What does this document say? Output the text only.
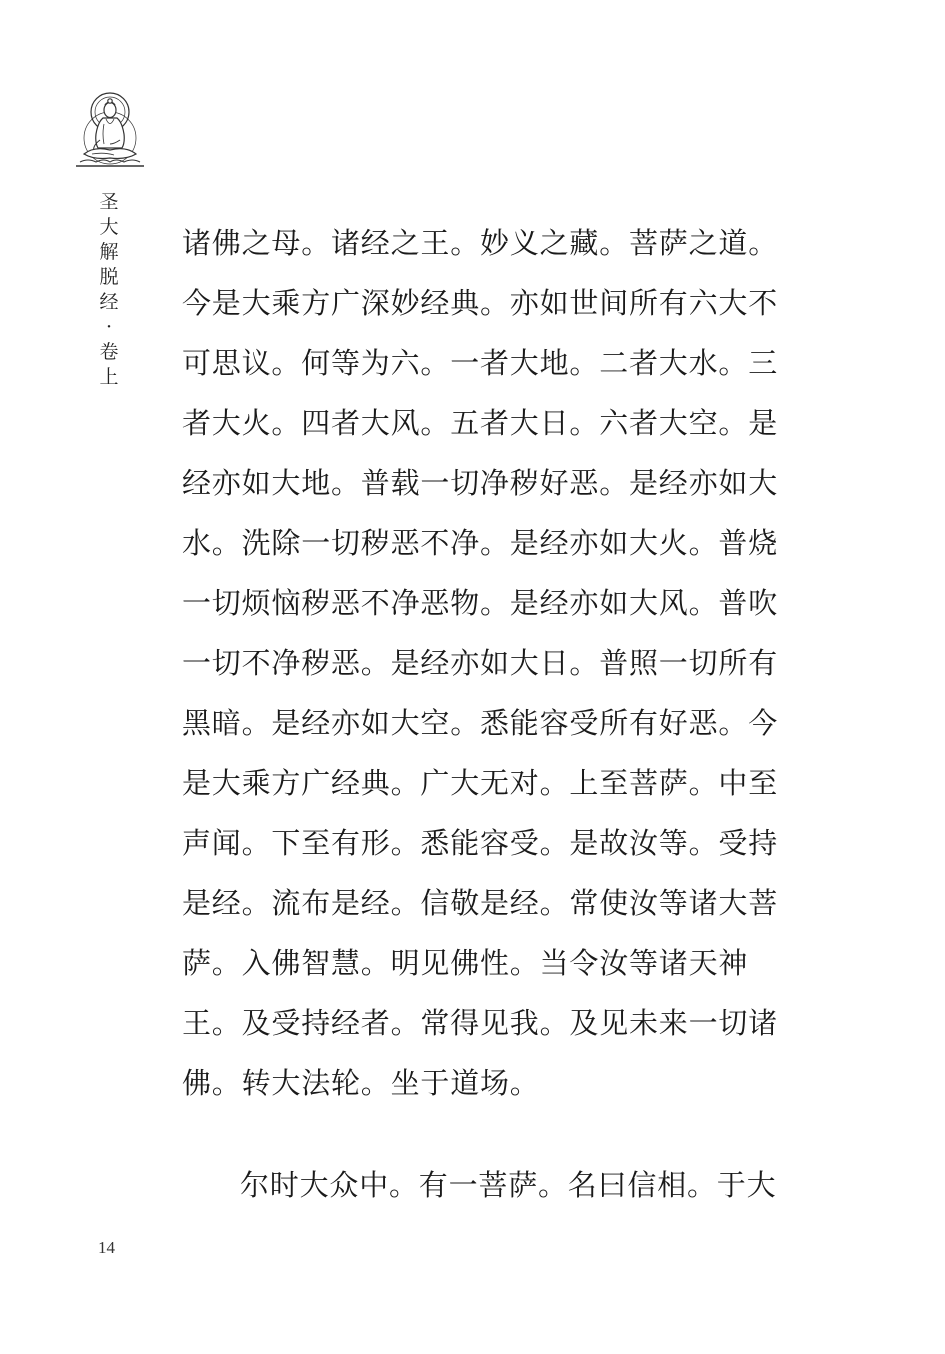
圣
大
解
脱
经
·
卷
上
诸佛之母。诸经之王。妙义之藏。菩萨之道。
今是大乘方广深妙经典。亦如世间所有六大不
可思议。何等为六。一者大地。二者大水。三
者大火。四者大风。五者大日。六者大空。是
经亦如大地。普载一切净秽好恶。是经亦如大
水。洗除一切秽恶不净。是经亦如大火。普烧
一切烦恼秽恶不净恶物。是经亦如大风。普吹
一切不净秽恶。是经亦如大日。普照一切所有
黑暗。是经亦如大空。悉能容受所有好恶。今
是大乘方广经典。广大无对。上至菩萨。中至
声闻。下至有形。悉能容受。是故汝等。受持
是经。流布是经。信敬是经。常使汝等诸大菩
萨。入佛智慧。明见佛性。当令汝等诸天神
王。及受持经者。常得见我。及见未来一切诸
佛。转大法轮。坐于道场。
尔时大众中。有一菩萨。名曰信相。于大
14
